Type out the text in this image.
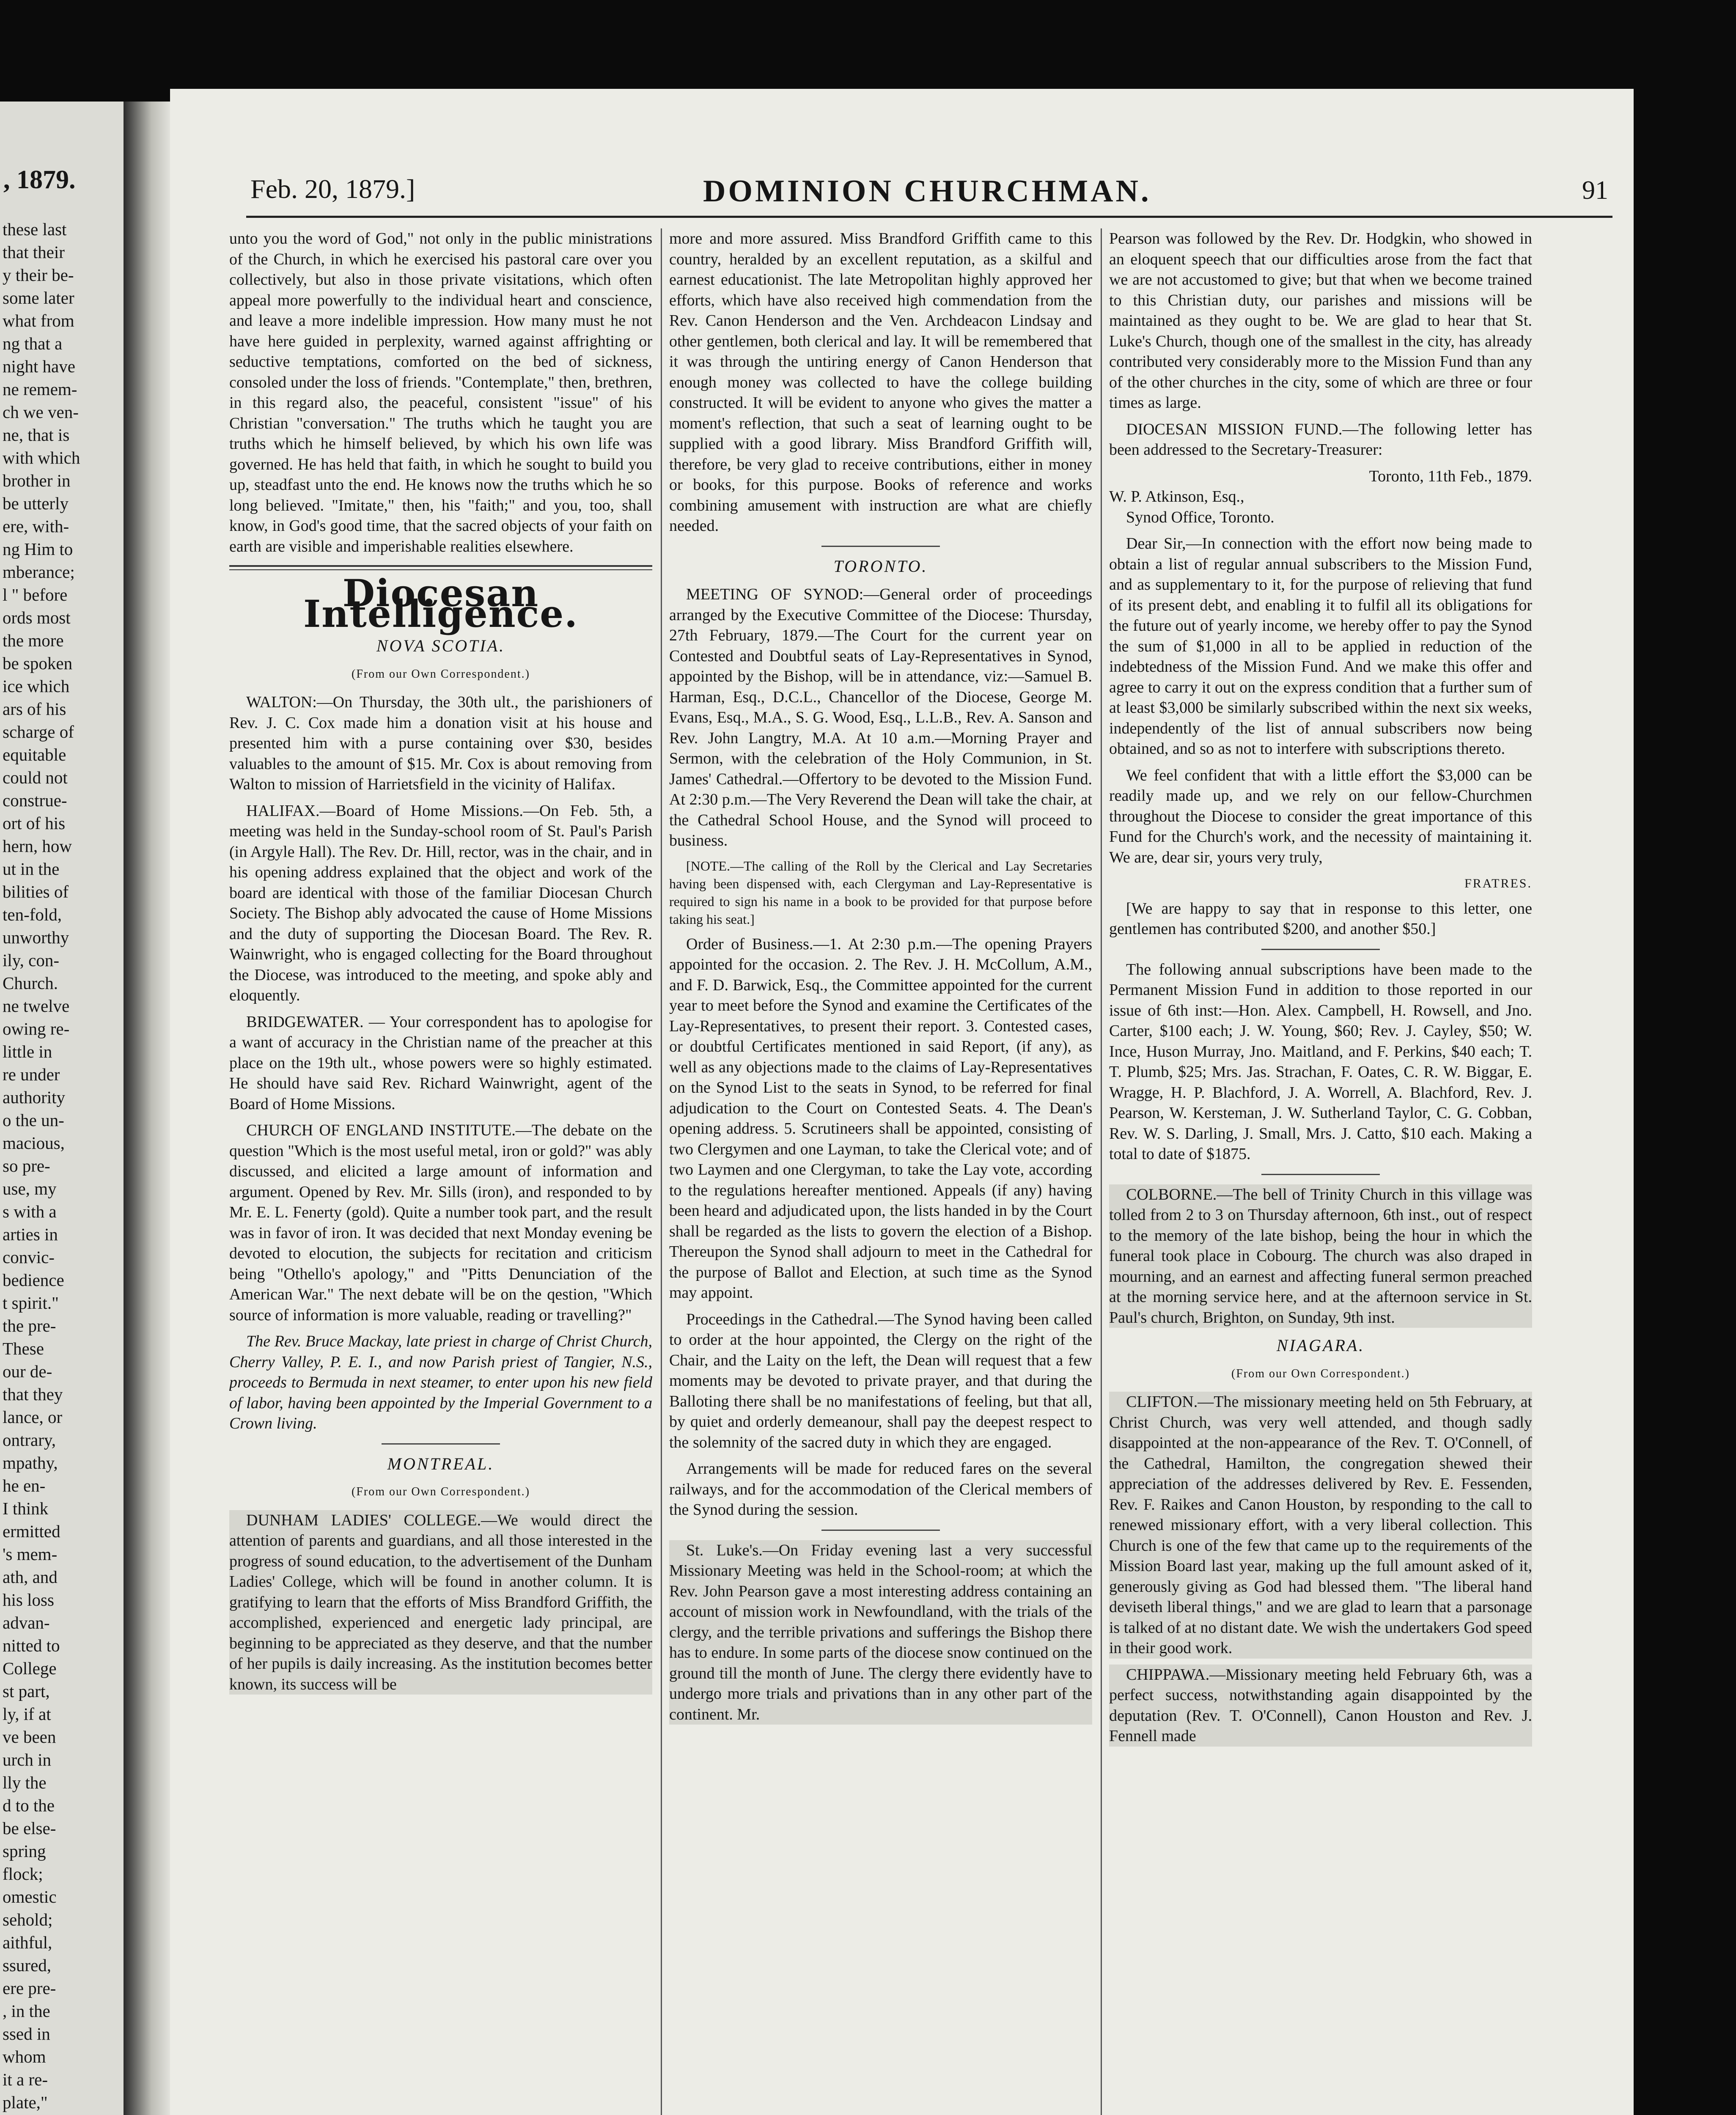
, 1879.
these last
that their
y their be-
some later
what from
ng that a
night have
ne remem-
ch we ven-
ne, that is
with which
brother in
be utterly
ere, with-
ng Him to
mberance;
l " before
ords most
the more
be spoken
ice which
ars of his
scharge of
equitable
could not
construe-
ort of his
hern, how
ut in the
bilities of
ten-fold,
unworthy
ily, con-
Church.
ne twelve
owing re-
little in
re under
authority
o the un-
macious,
so pre-
use, my
s with a
arties in
convic-
bedience
t spirit."
the pre-
These
our de-
that they
lance, or
ontrary,
mpathy,
he en-
I think
ermitted
's mem-
ath, and
his loss
advan-
nitted to
College
st part,
ly, if at
ve been
urch in
lly the
d to the
be else-
spring
flock;
omestic
sehold;
aithful,
ssured,
ere pre-
, in the
ssed in
whom
it a re-
plate,"

Feb. 20, 1879.]	DOMINION CHURCHMAN.	91

unto you the word of God," not only in the public ministrations of the Church, in which he exercised his pastoral care over you collectively, but also in those private visitations, which often appeal more powerfully to the individual heart and conscience, and leave a more indelible impression. How many must he not have here guided in perplexity, warned against affrighting or seductive temptations, comforted on the bed of sickness, consoled under the loss of friends. "Contemplate," then, brethren, in this regard also, the peaceful, consistent "issue" of his Christian "conversation." The truths which he taught you are truths which he himself believed, by which his own life was governed. He has held that faith, in which he sought to build you up, steadfast unto the end. He knows now the truths which he so long believed. "Imitate," then, his "faith;" and you, too, shall know, in God's good time, that the sacred objects of your faith on earth are visible and imperishable realities elsewhere.

Diocesan Intelligence.

NOVA SCOTIA.

(From our Own Correspondent.)

WALTON:—On Thursday, the 30th ult., the parishioners of Rev. J. C. Cox made him a donation visit at his house and presented him with a purse containing over $30, besides valuables to the amount of $15. Mr. Cox is about removing from Walton to mission of Harrietsfield in the vicinity of Halifax.

HALIFAX.—Board of Home Missions.—On Feb. 5th, a meeting was held in the Sunday-school room of St. Paul's Parish (in Argyle Hall). The Rev. Dr. Hill, rector, was in the chair, and in his opening address explained that the object and work of the board are identical with those of the familiar Diocesan Church Society. The Bishop ably advocated the cause of Home Missions and the duty of supporting the Diocesan Board. The Rev. R. Wainwright, who is engaged collecting for the Board throughout the Diocese, was introduced to the meeting, and spoke ably and eloquently.

BRIDGEWATER. — Your correspondent has to apologise for a want of accuracy in the Christian name of the preacher at this place on the 19th ult., whose powers were so highly estimated. He should have said Rev. Richard Wainwright, agent of the Board of Home Missions.

CHURCH OF ENGLAND INSTITUTE.—The debate on the question "Which is the most useful metal, iron or gold?" was ably discussed, and elicited a large amount of information and argument. Opened by Rev. Mr. Sills (iron), and responded to by Mr. E. L. Fenerty (gold). Quite a number took part, and the result was in favor of iron. It was decided that next Monday evening be devoted to elocution, the subjects for recitation and criticism being "Othello's apology," and "Pitts Denunciation of the American War." The next debate will be on the qestion, "Which source of information is more valuable, reading or travelling?"

The Rev. Bruce Mackay, late priest in charge of Christ Church, Cherry Valley, P. E. I., and now Parish priest of Tangier, N.S., proceeds to Bermuda in next steamer, to enter upon his new field of labor, having been appointed by the Imperial Government to a Crown living.

MONTREAL.

(From our Own Correspondent.)

DUNHAM LADIES' COLLEGE.—We would direct the attention of parents and guardians, and all those interested in the progress of sound education, to the advertisement of the Dunham Ladies' College, which will be found in another column. It is gratifying to learn that the efforts of Miss Brandford Griffith, the accomplished, experienced and energetic lady principal, are beginning to be appreciated as they deserve, and that the number of her pupils is daily increasing. As the institution becomes better known, its success will be

more and more assured. Miss Brandford Griffith came to this country, heralded by an excellent reputation, as a skilful and earnest educationist. The late Metropolitan highly approved her efforts, which have also received high commendation from the Rev. Canon Henderson and the Ven. Archdeacon Lindsay and other gentlemen, both clerical and lay. It will be remembered that it was through the untiring energy of Canon Henderson that enough money was collected to have the college building constructed. It will be evident to anyone who gives the matter a moment's reflection, that such a seat of learning ought to be supplied with a good library. Miss Brandford Griffith will, therefore, be very glad to receive contributions, either in money or books, for this purpose. Books of reference and works combining amusement with instruction are what are chiefly needed.

TORONTO.

MEETING OF SYNOD:—General order of proceedings arranged by the Executive Committee of the Diocese: Thursday, 27th February, 1879.—The Court for the current year on Contested and Doubtful seats of Lay-Representatives in Synod, appointed by the Bishop, will be in attendance, viz:—Samuel B. Harman, Esq., D.C.L., Chancellor of the Diocese, George M. Evans, Esq., M.A., S. G. Wood, Esq., L.L.B., Rev. A. Sanson and Rev. John Langtry, M.A. At 10 a.m.—Morning Prayer and Sermon, with the celebration of the Holy Communion, in St. James' Cathedral.—Offertory to be devoted to the Mission Fund. At 2:30 p.m.—The Very Reverend the Dean will take the chair, at the Cathedral School House, and the Synod will proceed to business.

[NOTE.—The calling of the Roll by the Clerical and Lay Secretaries having been dispensed with, each Clergyman and Lay-Representative is required to sign his name in a book to be provided for that purpose before taking his seat.]

Order of Business.—1. At 2:30 p.m.—The opening Prayers appointed for the occasion. 2. The Rev. J. H. McCollum, A.M., and F. D. Barwick, Esq., the Committee appointed for the current year to meet before the Synod and examine the Certificates of the Lay-Representatives, to present their report. 3. Contested cases, or doubtful Certificates mentioned in said Report, (if any), as well as any objections made to the claims of Lay-Representatives on the Synod List to the seats in Synod, to be referred for final adjudication to the Court on Contested Seats. 4. The Dean's opening address. 5. Scrutineers shall be appointed, consisting of two Clergymen and one Layman, to take the Clerical vote; and of two Laymen and one Clergyman, to take the Lay vote, according to the regulations hereafter mentioned. Appeals (if any) having been heard and adjudicated upon, the lists handed in by the Court shall be regarded as the lists to govern the election of a Bishop. Thereupon the Synod shall adjourn to meet in the Cathedral for the purpose of Ballot and Election, at such time as the Synod may appoint.

Proceedings in the Cathedral.—The Synod having been called to order at the hour appointed, the Clergy on the right of the Chair, and the Laity on the left, the Dean will request that a few moments may be devoted to private prayer, and that during the Balloting there shall be no manifestations of feeling, but that all, by quiet and orderly demeanour, shall pay the deepest respect to the solemnity of the sacred duty in which they are engaged.

Arrangements will be made for reduced fares on the several railways, and for the accommodation of the Clerical members of the Synod during the session.

St. Luke's.—On Friday evening last a very successful Missionary Meeting was held in the School-room; at which the Rev. John Pearson gave a most interesting address containing an account of mission work in Newfoundland, with the trials of the clergy, and the terrible privations and sufferings the Bishop there has to endure. In some parts of the diocese snow continued on the ground till the month of June. The clergy there evidently have to undergo more trials and privations than in any other part of the continent. Mr.

Pearson was followed by the Rev. Dr. Hodgkin, who showed in an eloquent speech that our difficulties arose from the fact that we are not accustomed to give; but that when we become trained to this Christian duty, our parishes and missions will be maintained as they ought to be. We are glad to hear that St. Luke's Church, though one of the smallest in the city, has already contributed very considerably more to the Mission Fund than any of the other churches in the city, some of which are three or four times as large.

DIOCESAN MISSION FUND.—The following letter has been addressed to the Secretary-Treasurer:

Toronto, 11th Feb., 1879.

W. P. Atkinson, Esq.,

Synod Office, Toronto.

Dear Sir,—In connection with the effort now being made to obtain a list of regular annual subscribers to the Mission Fund, and as supplementary to it, for the purpose of relieving that fund of its present debt, and enabling it to fulfil all its obligations for the future out of yearly income, we hereby offer to pay the Synod the sum of $1,000 in all to be applied in reduction of the indebtedness of the Mission Fund. And we make this offer and agree to carry it out on the express condition that a further sum of at least $3,000 be similarly subscribed within the next six weeks, independently of the list of annual subscribers now being obtained, and so as not to interfere with subscriptions thereto.

We feel confident that with a little effort the $3,000 can be readily made up, and we rely on our fellow-Churchmen throughout the Diocese to consider the great importance of this Fund for the Church's work, and the necessity of maintaining it. We are, dear sir, yours very truly,

FRATRES.

[We are happy to say that in response to this letter, one gentlemen has contributed $200, and another $50.]

The following annual subscriptions have been made to the Permanent Mission Fund in addition to those reported in our issue of 6th inst:—Hon. Alex. Campbell, H. Rowsell, and Jno. Carter, $100 each; J. W. Young, $60; Rev. J. Cayley, $50; W. Ince, Huson Murray, Jno. Maitland, and F. Perkins, $40 each; T. T. Plumb, $25; Mrs. Jas. Strachan, F. Oates, C. R. W. Biggar, E. Wragge, H. P. Blachford, J. A. Worrell, A. Blachford, Rev. J. Pearson, W. Kersteman, J. W. Sutherland Taylor, C. G. Cobban, Rev. W. S. Darling, J. Small, Mrs. J. Catto, $10 each. Making a total to date of $1875.

COLBORNE.—The bell of Trinity Church in this village was tolled from 2 to 3 on Thursday afternoon, 6th inst., out of respect to the memory of the late bishop, being the hour in which the funeral took place in Cobourg. The church was also draped in mourning, and an earnest and affecting funeral sermon preached at the morning service here, and at the afternoon service in St. Paul's church, Brighton, on Sunday, 9th inst.

NIAGARA.

(From our Own Correspondent.)

CLIFTON.—The missionary meeting held on 5th February, at Christ Church, was very well attended, and though sadly disappointed at the non-appearance of the Rev. T. O'Connell, of the Cathedral, Hamilton, the congregation shewed their appreciation of the addresses delivered by Rev. E. Fessenden, Rev. F. Raikes and Canon Houston, by responding to the call to renewed missionary effort, with a very liberal collection. This Church is one of the few that came up to the requirements of the Mission Board last year, making up the full amount asked of it, generously giving as God had blessed them. "The liberal hand deviseth liberal things," and we are glad to learn that a parsonage is talked of at no distant date. We wish the undertakers God speed in their good work.

CHIPPAWA.—Missionary meeting held February 6th, was a perfect success, notwithstanding again disappointed by the deputation (Rev. T. O'Connell), Canon Houston and Rev. J. Fennell made
